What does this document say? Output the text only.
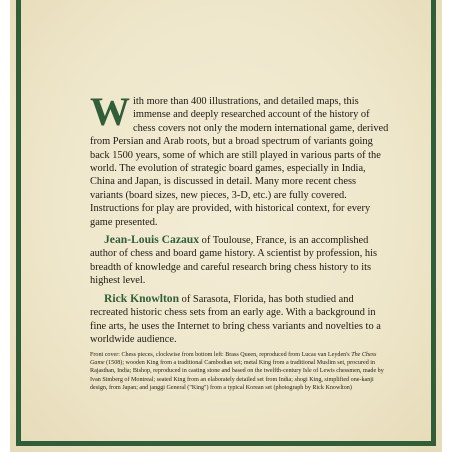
With more than 400 illustrations, and detailed maps, this immense and deeply researched account of the history of chess covers not only the modern international game, derived from Persian and Arab roots, but a broad spectrum of variants going back 1500 years, some of which are still played in various parts of the world. The evolution of strategic board games, especially in India, China and Japan, is discussed in detail. Many more recent chess variants (board sizes, new pieces, 3-D, etc.) are fully covered. Instructions for play are provided, with historical context, for every game presented.

Jean-Louis Cazaux of Toulouse, France, is an accomplished author of chess and board game history. A scientist by profession, his breadth of knowledge and careful research bring chess history to its highest level.

Rick Knowlton of Sarasota, Florida, has both studied and recreated historic chess sets from an early age. With a background in fine arts, he uses the Internet to bring chess variants and novelties to a worldwide audience.

Front cover: Chess pieces, clockwise from bottom left: Brass Queen, reproduced from Lucas van Leyden's The Chess Game (1508); wooden King from a traditional Cambodian set; metal King from a traditional Muslim set, procured in Rajasthan, India; Bishop, reproduced in casting stone and based on the twelfth-century Isle of Lewis chessmen, made by Ivan Simberg of Montreal; seated King from an elaborately detailed set from India; shogi King, simplified one-kanji design, from Japan; and janggi General ("King") from a typical Korean set (photograph by Rick Knowlton)
